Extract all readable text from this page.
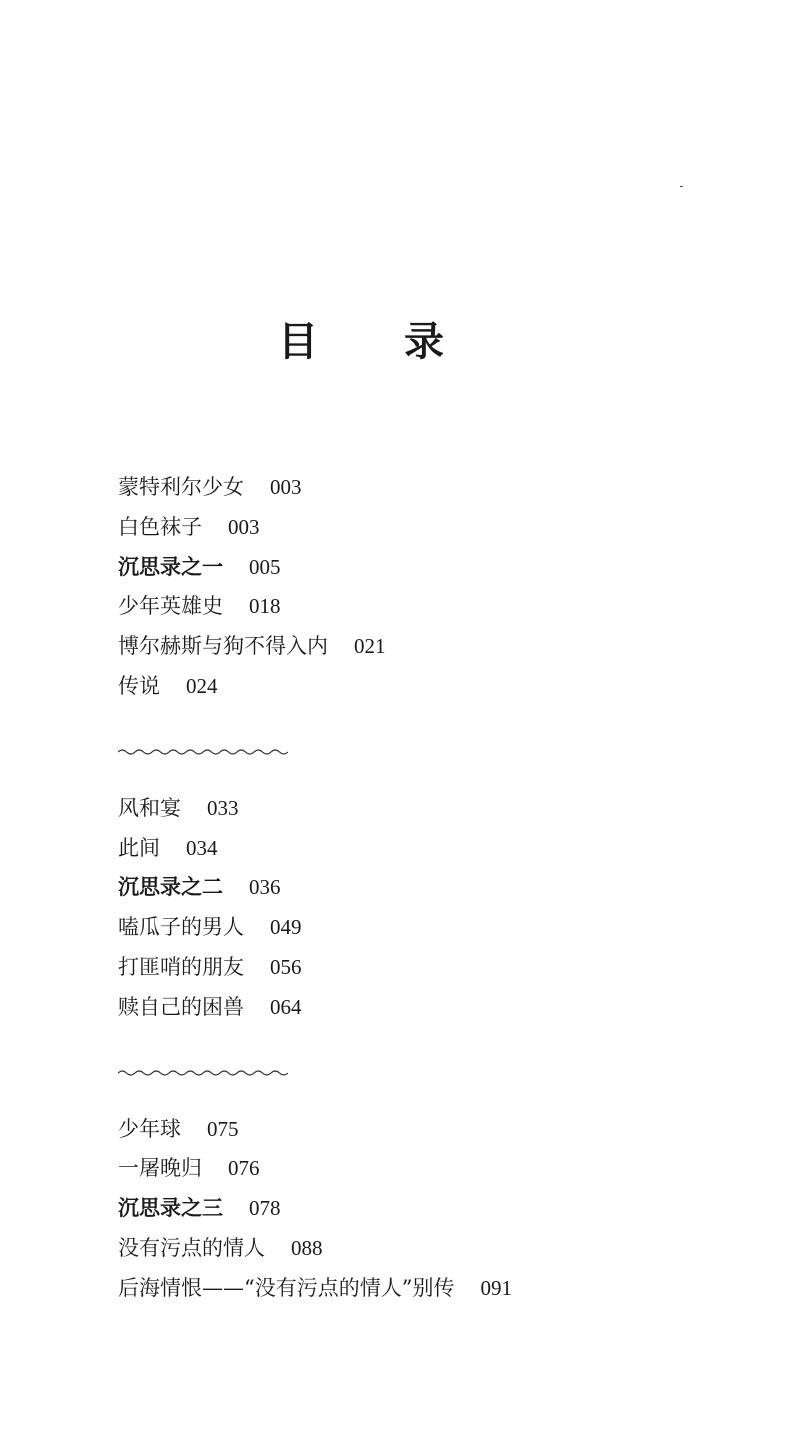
目 录
蒙特利尔少女 003
白色袜子 003
沉思录之一 005
少年英雄史 018
博尔赫斯与狗不得入内 021
传说 024
风和宴 033
此间 034
沉思录之二 036
嗑瓜子的男人 049
打匪哨的朋友 056
赎自己的困兽 064
少年球 075
一屠晚归 076
沉思录之三 078
没有污点的情人 088
后海情恨——“没有污点的情人”别传 091
